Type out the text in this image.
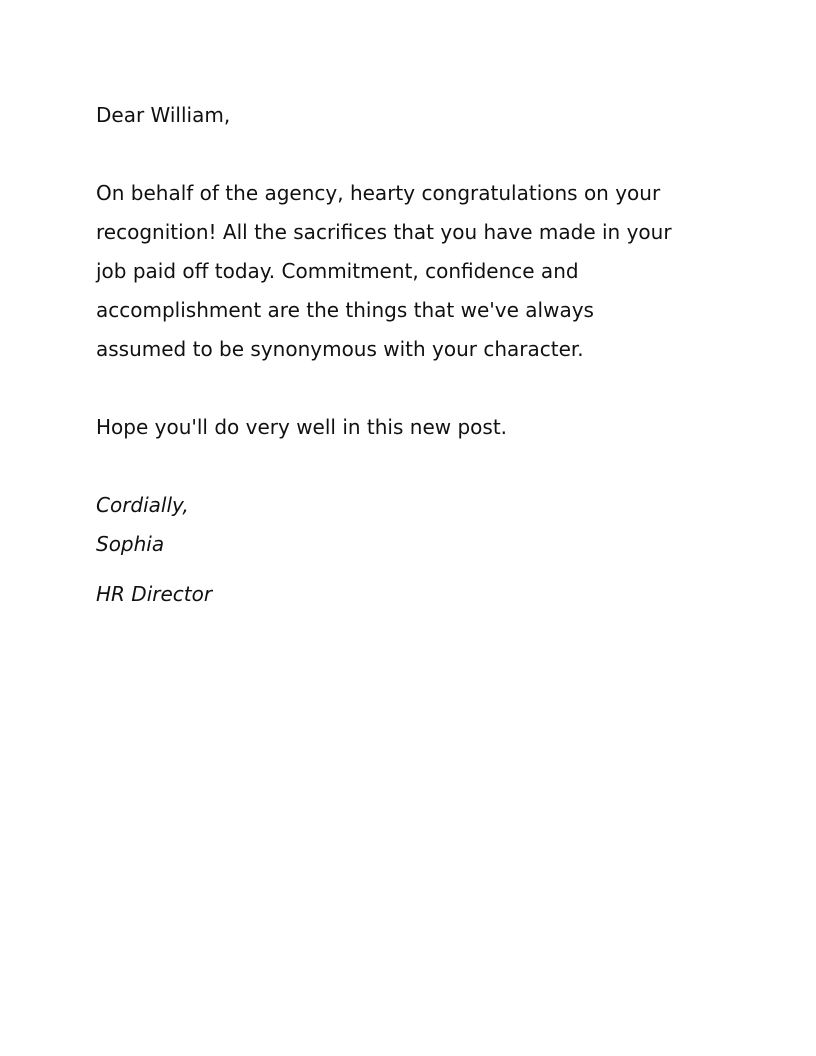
Dear William,

On behalf of the agency, hearty congratulations on your
recognition! All the sacrifices that you have made in your
job paid off today. Commitment, confidence and
accomplishment are the things that we've always
assumed to be synonymous with your character.

Hope you'll do very well in this new post.

Cordially,
Sophia
HR Director
